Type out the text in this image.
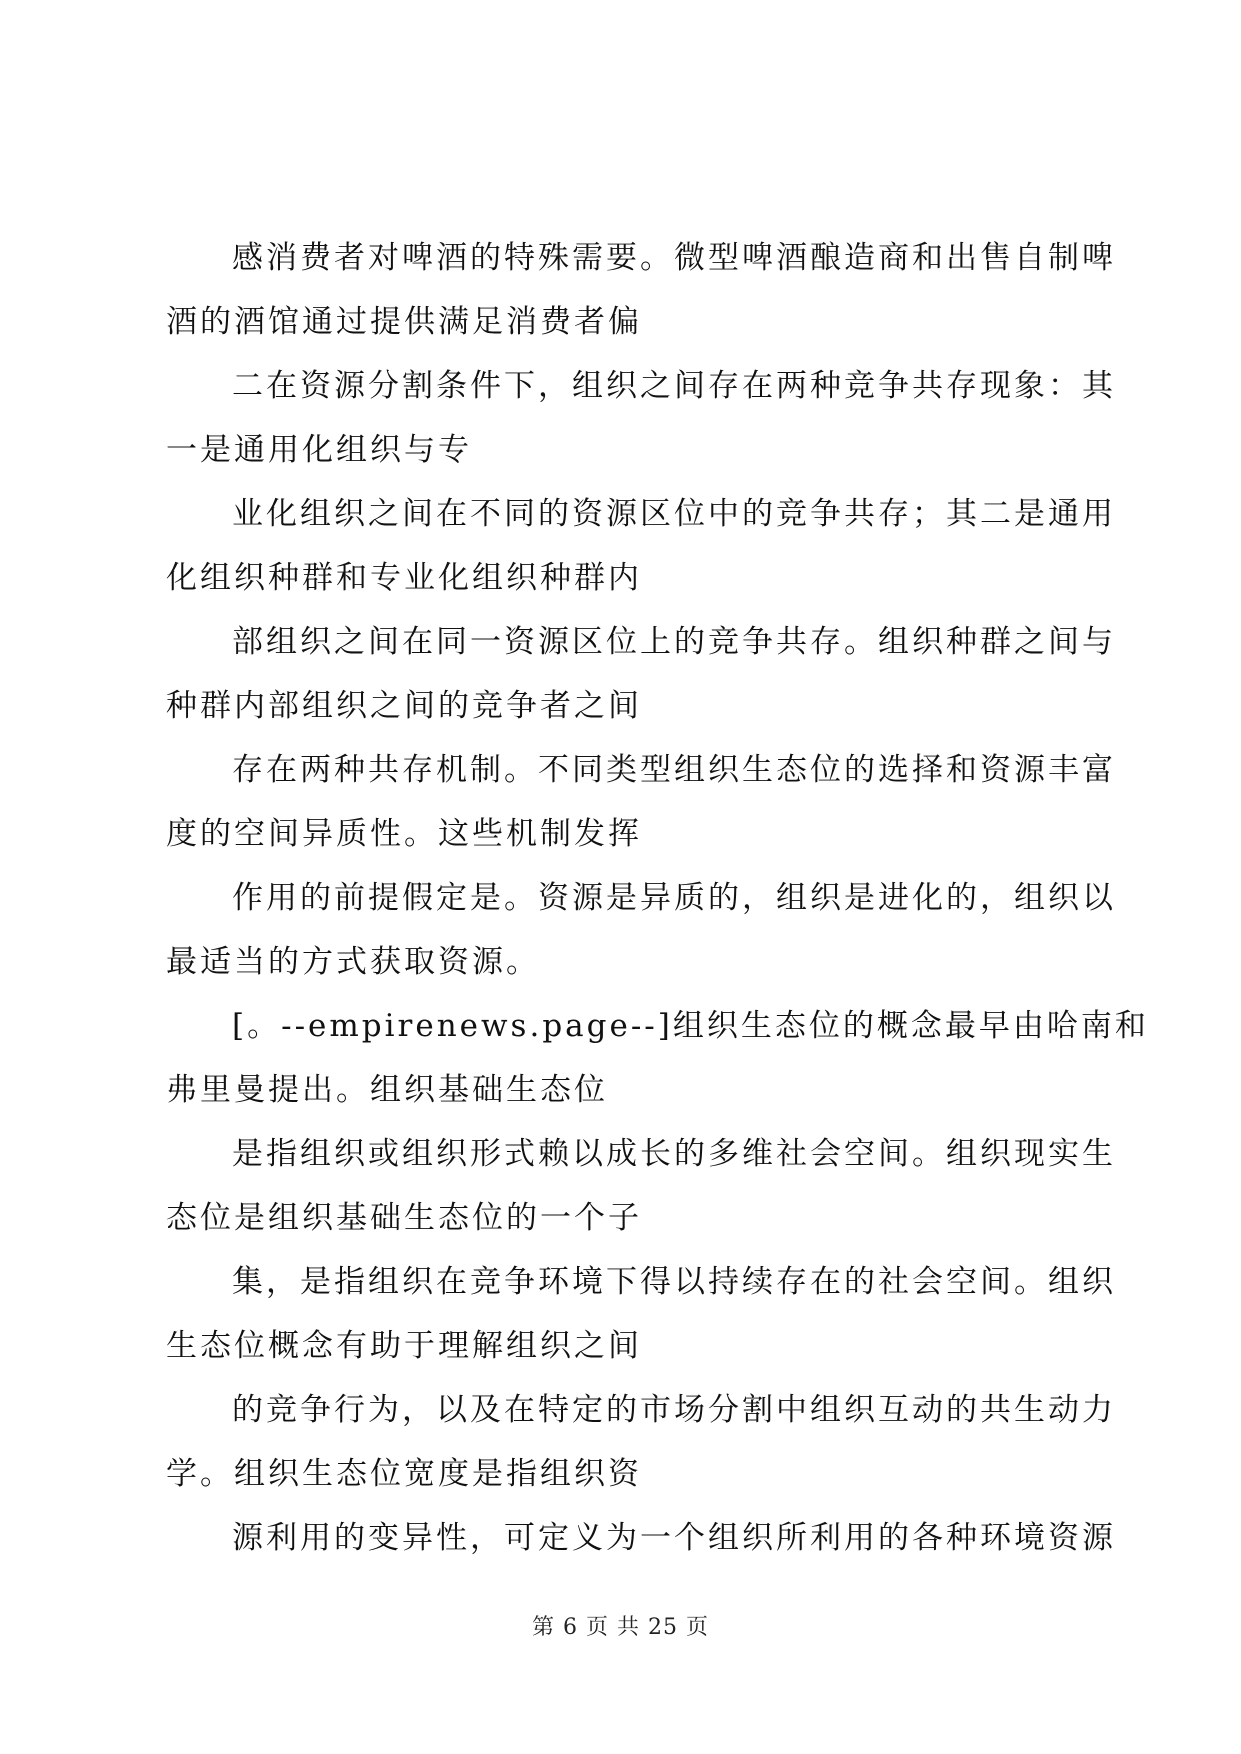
感消费者对啤酒的特殊需要。微型啤酒酿造商和出售自制啤
酒的酒馆通过提供满足消费者偏

二在资源分割条件下，组织之间存在两种竞争共存现象：其
一是通用化组织与专

业化组织之间在不同的资源区位中的竞争共存；其二是通用
化组织种群和专业化组织种群内

部组织之间在同一资源区位上的竞争共存。组织种群之间与
种群内部组织之间的竞争者之间

存在两种共存机制。不同类型组织生态位的选择和资源丰富
度的空间异质性。这些机制发挥

作用的前提假定是。资源是异质的，组织是进化的，组织以
最适当的方式获取资源。

[。--empirenews.page--]组织生态位的概念最早由哈南和
弗里曼提出。组织基础生态位

是指组织或组织形式赖以成长的多维社会空间。组织现实生
态位是组织基础生态位的一个子

集，是指组织在竞争环境下得以持续存在的社会空间。组织
生态位概念有助于理解组织之间

的竞争行为，以及在特定的市场分割中组织互动的共生动力
学。组织生态位宽度是指组织资

源利用的变异性，可定义为一个组织所利用的各种环境资源

第 6 页 共 25 页
